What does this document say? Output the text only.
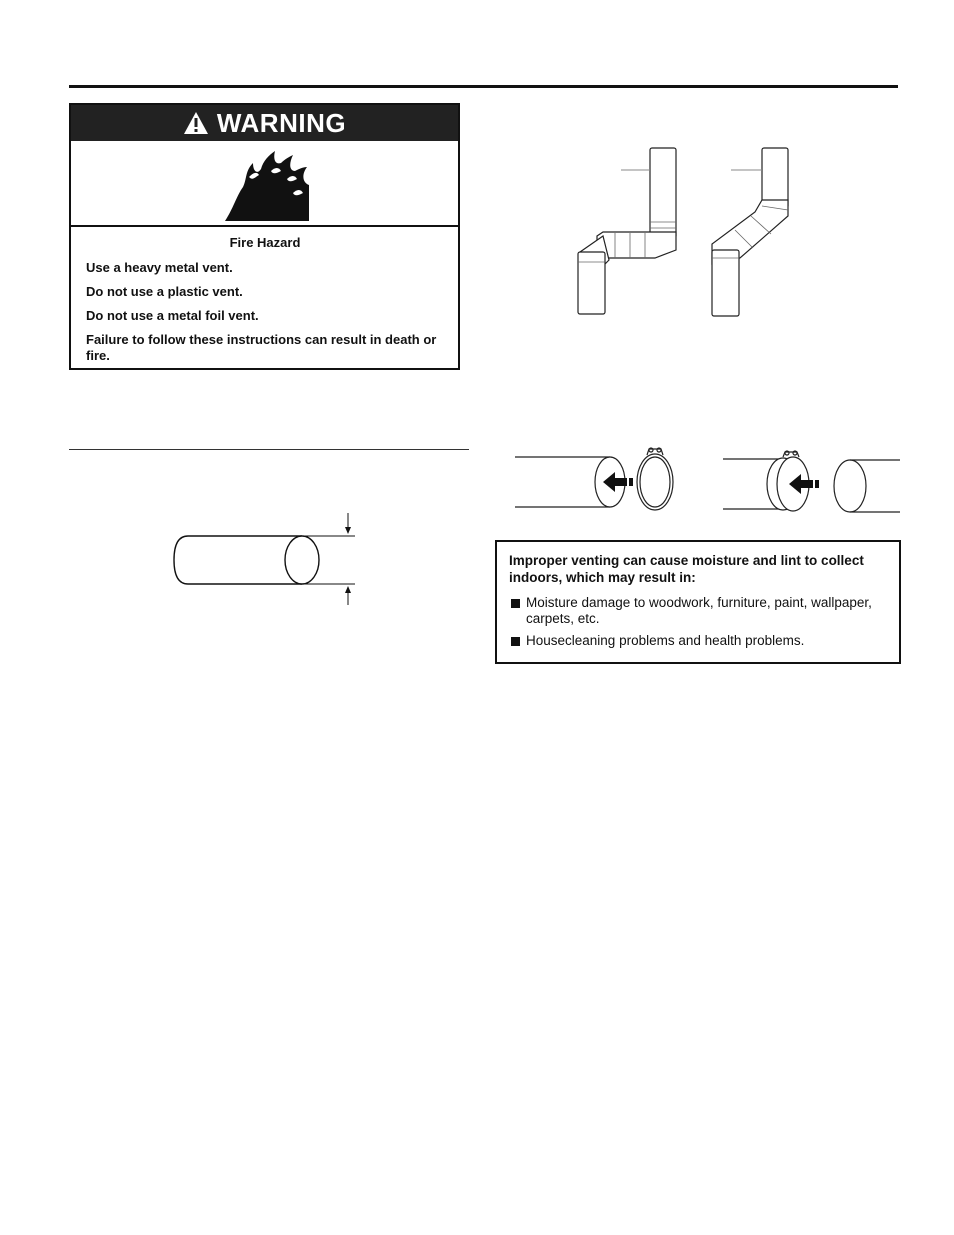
WARNING
Fire Hazard

Use a heavy metal vent.

Do not use a plastic vent.

Do not use a metal foil vent.

Failure to follow these instructions can result in death or fire.

Improper venting can cause moisture and lint to collect indoors, which may result in:
Moisture damage to woodwork, furniture, paint, wallpaper, carpets, etc.
Housecleaning problems and health problems.
